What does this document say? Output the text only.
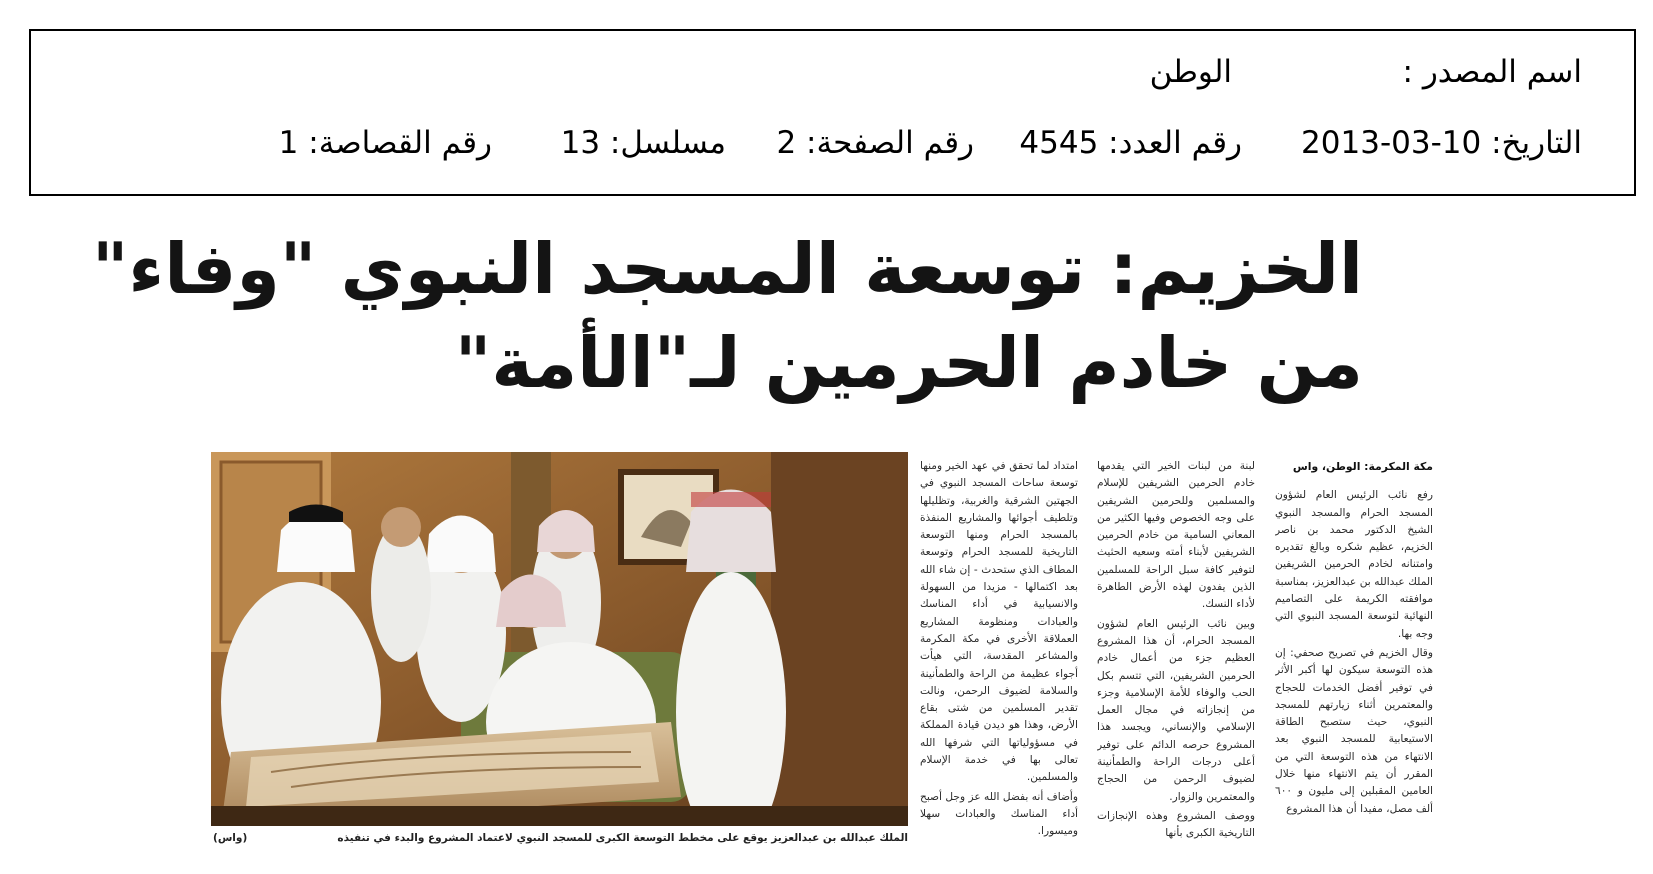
اسم المصدر :
الوطن
التاريخ: 10-03-2013
رقم العدد: 4545
رقم الصفحة: 2
مسلسل: 13
رقم القصاصة: 1
الخزيم: توسعة المسجد النبوي "وفاء"
من خادم الحرمين لـ"الأمة"
مكة المكرمة: الوطن، واس

رفع نائب الرئيس العام لشؤون المسجد الحرام والمسجد النبوي الشيخ الدكتور محمد بن ناصر الخزيم، عظيم شكره وبالغ تقديره وامتنانه لخادم الحرمين الشريفين الملك عبدالله بن عبدالعزيز، بمناسبة موافقته الكريمة على التصاميم النهائية لتوسعة المسجد النبوي التي وجه بها.

وقال الخزيم في تصريح صحفي: إن هذه التوسعة سيكون لها أكبر الأثر في توفير أفضل الخدمات للحجاج والمعتمرين أثناء زيارتهم للمسجد النبوي، حيث ستصبح الطاقة الاستيعابية للمسجد النبوي بعد الانتهاء من هذه التوسعة التي من المقرر أن يتم الانتهاء منها خلال العامين المقبلين إلى مليون و ٦٠٠ ألف مصل، مفيدا أن هذا المشروع

لبنة من لبنات الخير التي يقدمها خادم الحرمين الشريفين للإسلام والمسلمين وللحرمين الشريفين على وجه الخصوص وفيها الكثير من المعاني السامية من خادم الحرمين الشريفين لأبناء أمته وسعيه الحثيث لتوفير كافة سبل الراحة للمسلمين الذين يفدون لهذه الأرض الطاهرة لأداء النسك.

وبين نائب الرئيس العام لشؤون المسجد الحرام، أن هذا المشروع العظيم جزء من أعمال خادم الحرمين الشريفين، التي تتسم بكل الحب والوفاء للأمة الإسلامية وجزء من إنجازاته في مجال العمل الإسلامي والإنساني، ويجسد هذا المشروع حرصه الدائم على توفير أعلى درجات الراحة والطمأنينة لضيوف الرحمن من الحجاج والمعتمرين والزوار.

ووصف المشروع وهذه الإنجازات التاريخية الكبرى بأنها

امتداد لما تحقق في عهد الخير ومنها توسعة ساحات المسجد النبوي في الجهتين الشرقية والغربية، وتظليلها وتلطيف أجوائها والمشاريع المنفذة بالمسجد الحرام ومنها التوسعة التاريخية للمسجد الحرام وتوسعة المطاف الذي ستحدث - إن شاء الله بعد اكتمالها - مزيدا من السهولة والانسيابية في أداء المناسك والعبادات ومنظومة المشاريع العملاقة الأخرى في مكة المكرمة والمشاعر المقدسة، التي هيأت أجواء عظيمة من الراحة والطمأنينة والسلامة لضيوف الرحمن، ونالت تقدير المسلمين من شتى بقاع الأرض، وهذا هو ديدن قيادة المملكة في مسؤولياتها التي شرفها الله تعالى بها في خدمة الإسلام والمسلمين.

وأضاف أنه بفضل الله عز وجل أصبح أداء المناسك والعبادات سهلا وميسورا.

الملك عبدالله بن عبدالعزيز يوقع على مخطط التوسعة الكبرى للمسجد النبوي لاعتماد المشروع والبدء في تنفيذه
(واس)
